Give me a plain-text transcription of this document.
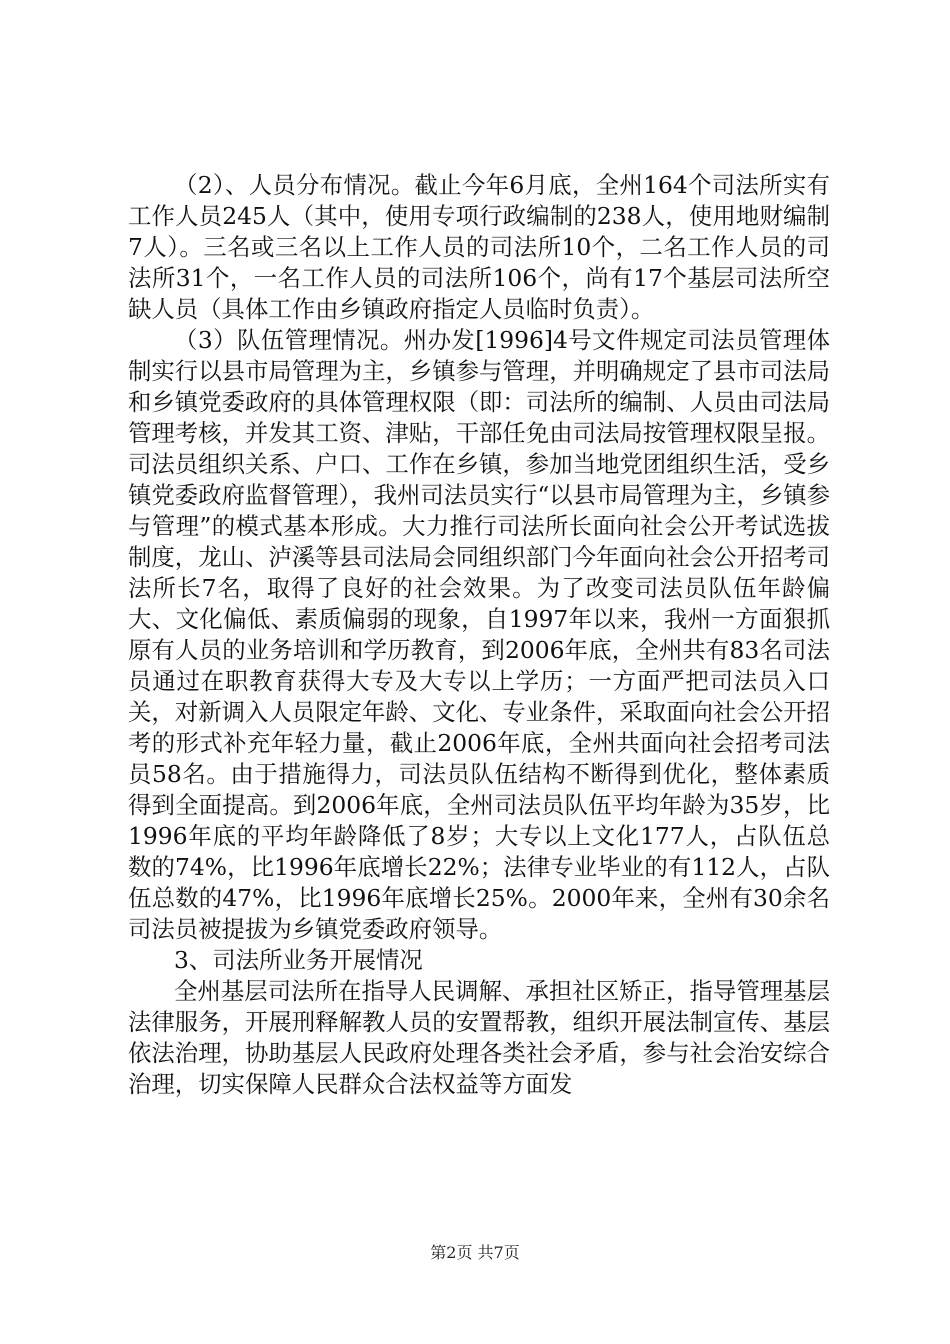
（2）、人员分布情况。截止今年6月底，全州164个司法所实有工作人员245人（其中，使用专项行政编制的238人，使用地财编制7人）。三名或三名以上工作人员的司法所10个，二名工作人员的司法所31个，一名工作人员的司法所106个，尚有17个基层司法所空缺人员（具体工作由乡镇政府指定人员临时负责）。

（3）队伍管理情况。州办发[1996]4号文件规定司法员管理体制实行以县市局管理为主，乡镇参与管理，并明确规定了县市司法局和乡镇党委政府的具体管理权限（即：司法所的编制、人员由司法局管理考核，并发其工资、津贴，干部任免由司法局按管理权限呈报。司法员组织关系、户口、工作在乡镇，参加当地党团组织生活，受乡镇党委政府监督管理），我州司法员实行“以县市局管理为主，乡镇参与管理”的模式基本形成。大力推行司法所长面向社会公开考试选拔制度，龙山、泸溪等县司法局会同组织部门今年面向社会公开招考司法所长7名，取得了良好的社会效果。为了改变司法员队伍年龄偏大、文化偏低、素质偏弱的现象，自1997年以来，我州一方面狠抓原有人员的业务培训和学历教育，到2006年底，全州共有83名司法员通过在职教育获得大专及大专以上学历；一方面严把司法员入口关，对新调入人员限定年龄、文化、专业条件，采取面向社会公开招考的形式补充年轻力量，截止2006年底，全州共面向社会招考司法员58名。由于措施得力，司法员队伍结构不断得到优化，整体素质得到全面提高。到2006年底，全州司法员队伍平均年龄为35岁，比1996年底的平均年龄降低了8岁；大专以上文化177人，占队伍总数的74%，比1996年底增长22%；法律专业毕业的有112人，占队伍总数的47%，比1996年底增长25%。2000年来，全州有30余名司法员被提拔为乡镇党委政府领导。

3、司法所业务开展情况

全州基层司法所在指导人民调解、承担社区矫正，指导管理基层法律服务，开展刑释解教人员的安置帮教，组织开展法制宣传、基层依法治理，协助基层人民政府处理各类社会矛盾，参与社会治安综合治理，切实保障人民群众合法权益等方面发

第2页 共7页
